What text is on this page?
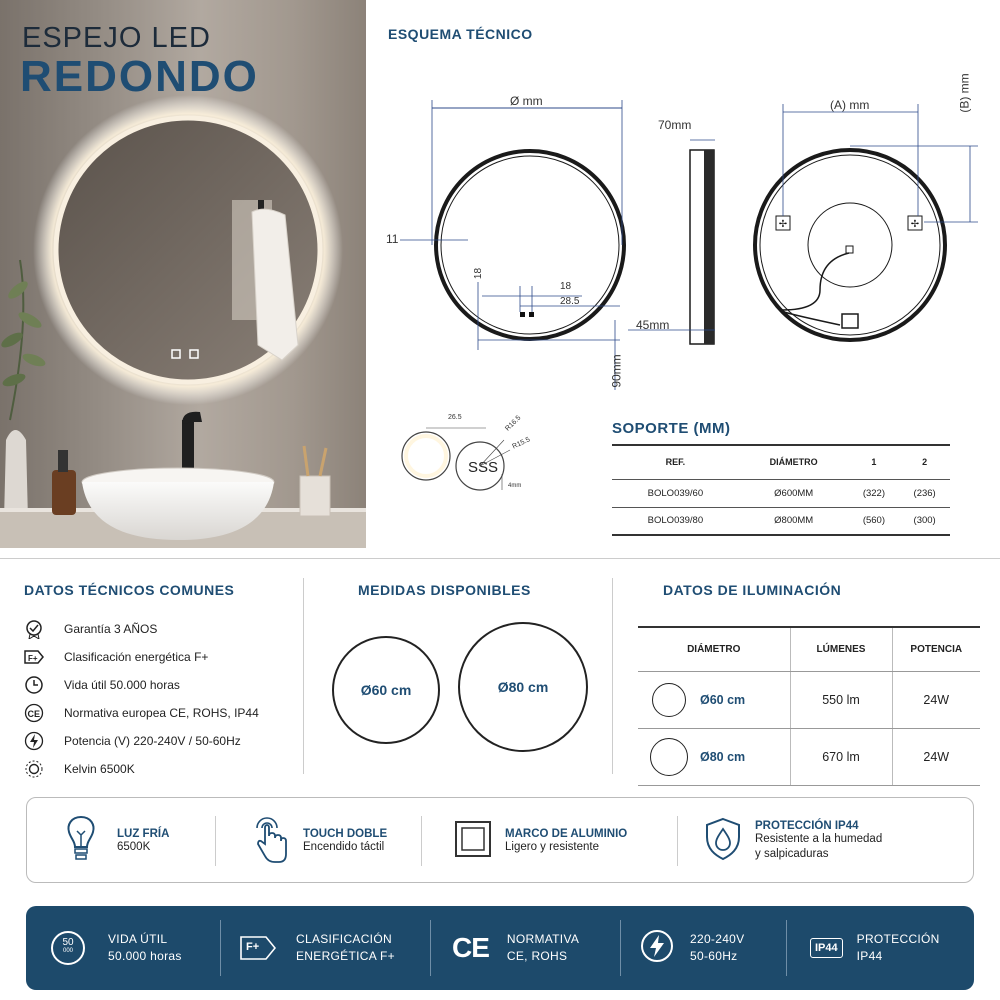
ESPEJO LED
REDONDO
ESQUEMA TÉCNICO
✢	✢
Ø mm
11
18
18
28.5
70mm
45mm
90mm
(A) mm	(B) mm
SSS
26.5	R16.5
R15.5
4mm
SOPORTE (MM)
REF.	DIÁMETRO	1	2
BOLO039/60	Ø600MM	(322)	(236)
BOLO039/80	Ø800MM	(560)	(300)
DATOS TÉCNICOS COMUNES
Garantía 3 AÑOS
F+ Clasificación energética F+
Vida útil 50.000 horas
CE Normativa europea CE, ROHS, IP44
Potencia (V) 220-240V / 50-60Hz
Kelvin 6500K
MEDIDAS DISPONIBLES
Ø60 cm	Ø80 cm
DATOS DE ILUMINACIÓN
DIÁMETRO	LÚMENES	POTENCIA
Ø60 cm	550 lm	24W
Ø80 cm	670 lm	24W
LUZ FRÍA
6500K
TOUCH DOBLE
Encendido táctil
MARCO DE ALUMINIO
Ligero y resistente
PROTECCIÓN IP44
Resistente a la humedad
y salpicaduras
50
000
VIDA ÚTIL
50.000 horas
F+
CLASIFICACIÓN
ENERGÉTICA F+ CE NORMATIVA
CE, ROHS
220-240V
50-60Hz
IP44
PROTECCIÓN
IP44
